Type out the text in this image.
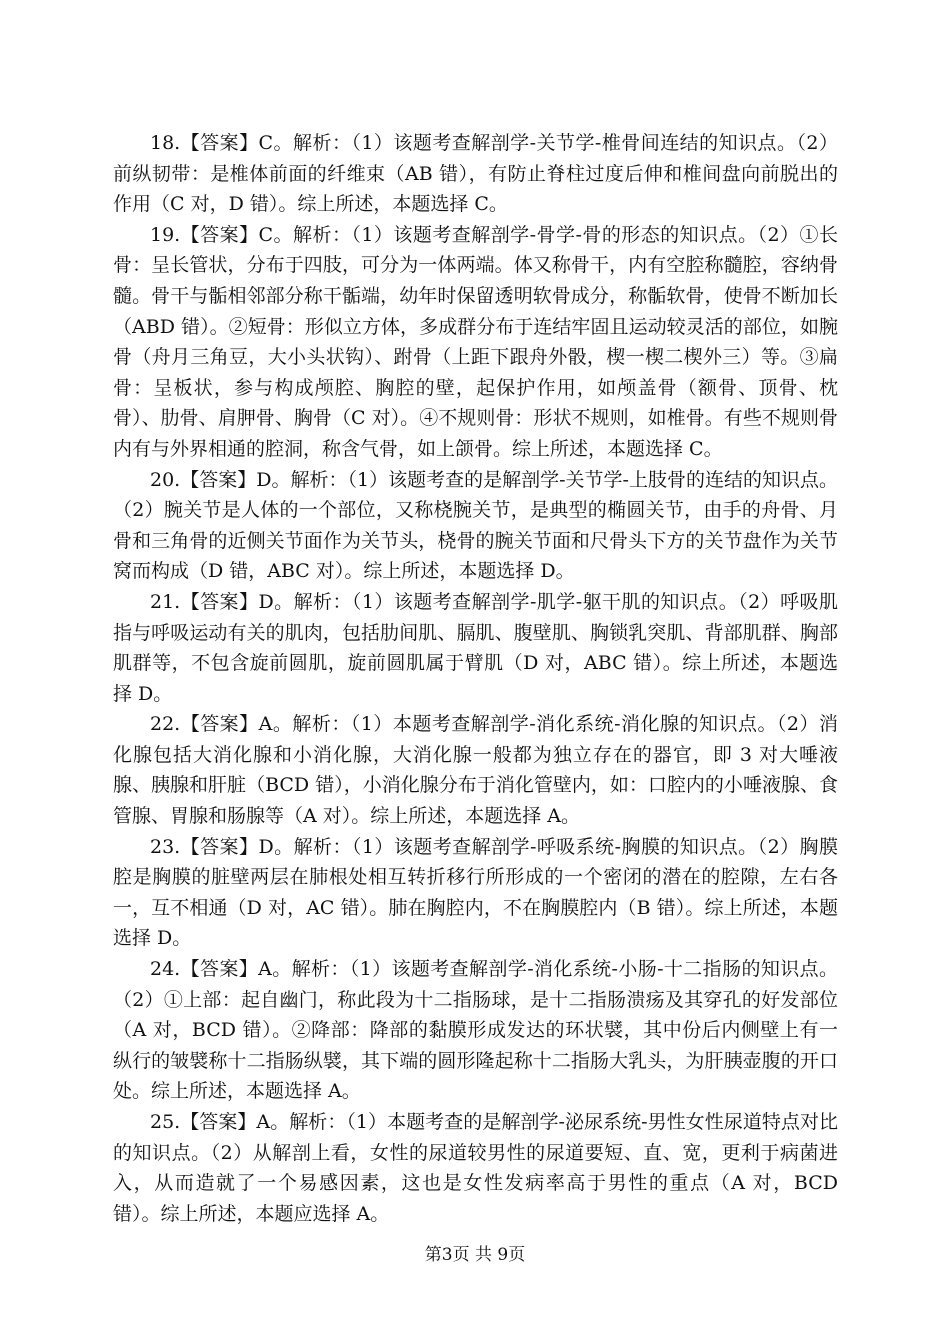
18.【答案】C。解析：（1）该题考查解剖学-关节学-椎骨间连结的知识点。（2）前纵韧带：是椎体前面的纤维束（AB 错），有防止脊柱过度后伸和椎间盘向前脱出的作用（C 对，D 错）。综上所述，本题选择 C。

19.【答案】C。解析：（1）该题考查解剖学-骨学-骨的形态的知识点。（2）①长骨：呈长管状，分布于四肢，可分为一体两端。体又称骨干，内有空腔称髓腔，容纳骨髓。骨干与骺相邻部分称干骺端，幼年时保留透明软骨成分，称骺软骨，使骨不断加长（ABD 错）。②短骨：形似立方体，多成群分布于连结牢固且运动较灵活的部位，如腕骨（舟月三角豆，大小头状钩）、跗骨（上距下跟舟外骰，楔一楔二楔外三）等。③扁骨：呈板状，参与构成颅腔、胸腔的壁，起保护作用，如颅盖骨（额骨、顶骨、枕骨）、肋骨、肩胛骨、胸骨（C 对）。④不规则骨：形状不规则，如椎骨。有些不规则骨内有与外界相通的腔洞，称含气骨，如上颌骨。综上所述，本题选择 C。

20.【答案】D。解析：（1）该题考查的是解剖学-关节学-上肢骨的连结的知识点。（2）腕关节是人体的一个部位，又称桡腕关节，是典型的椭圆关节，由手的舟骨、月骨和三角骨的近侧关节面作为关节头，桡骨的腕关节面和尺骨头下方的关节盘作为关节窝而构成（D 错，ABC 对）。综上所述，本题选择 D。

21.【答案】D。解析：（1）该题考查解剖学-肌学-躯干肌的知识点。（2）呼吸肌指与呼吸运动有关的肌肉，包括肋间肌、膈肌、腹壁肌、胸锁乳突肌、背部肌群、胸部肌群等，不包含旋前圆肌，旋前圆肌属于臂肌（D 对，ABC 错）。综上所述，本题选择 D。

22.【答案】A。解析：（1）本题考查解剖学-消化系统-消化腺的知识点。（2）消化腺包括大消化腺和小消化腺，大消化腺一般都为独立存在的器官，即 3 对大唾液腺、胰腺和肝脏（BCD 错），小消化腺分布于消化管壁内，如：口腔内的小唾液腺、食管腺、胃腺和肠腺等（A 对）。综上所述，本题选择 A。

23.【答案】D。解析：（1）该题考查解剖学-呼吸系统-胸膜的知识点。（2）胸膜腔是胸膜的脏壁两层在肺根处相互转折移行所形成的一个密闭的潜在的腔隙，左右各一，互不相通（D 对，AC 错）。肺在胸腔内，不在胸膜腔内（B 错）。综上所述，本题选择 D。

24.【答案】A。解析：（1）该题考查解剖学-消化系统-小肠-十二指肠的知识点。（2）①上部：起自幽门，称此段为十二指肠球，是十二指肠溃疡及其穿孔的好发部位（A 对，BCD 错）。②降部：降部的黏膜形成发达的环状襞，其中份后内侧壁上有一纵行的皱襞称十二指肠纵襞，其下端的圆形隆起称十二指肠大乳头，为肝胰壶腹的开口处。综上所述，本题选择 A。

25.【答案】A。解析：（1）本题考查的是解剖学-泌尿系统-男性女性尿道特点对比的知识点。（2）从解剖上看，女性的尿道较男性的尿道要短、直、宽，更利于病菌进入，从而造就了一个易感因素，这也是女性发病率高于男性的重点（A 对，BCD 错）。综上所述，本题应选择 A。

第3页 共 9页
